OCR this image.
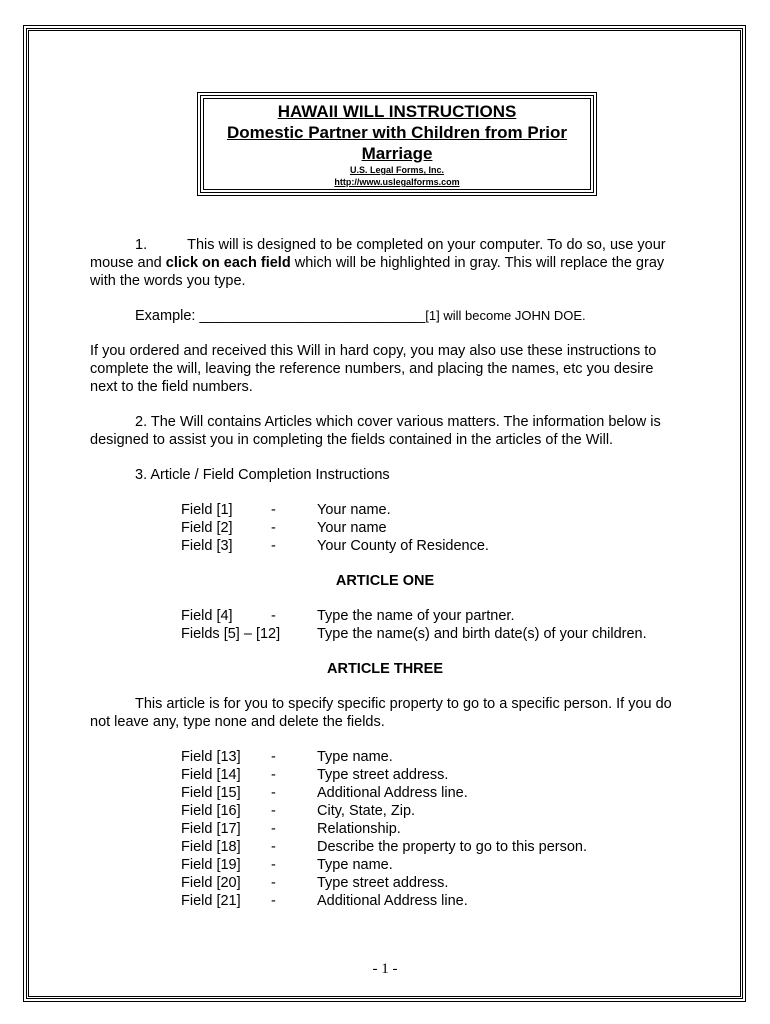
HAWAII WILL INSTRUCTIONS
Domestic Partner with Children from Prior
Marriage
U.S. Legal Forms, Inc.
http://www.uslegalforms.com

1.	This will is designed to be completed on your computer. To do so, use your mouse and click on each field which will be highlighted in gray. This will replace the gray with the words you type.

Example: ____________________________[1] will become JOHN DOE.

If you ordered and received this Will in hard copy, you may also use these instructions to complete the will, leaving the reference numbers, and placing the names, etc you desire next to the field numbers.

2. The Will contains Articles which cover various matters. The information below is designed to assist you in completing the fields contained in the articles of the Will.

3. Article / Field Completion Instructions

Field [1]	-	Your name.
Field [2]	-	Your name
Field [3]	-	Your County of Residence.

ARTICLE ONE

Field [4]	-	Type the name of your partner.
Fields [5] – [12]	Type the name(s) and birth date(s) of your children.

ARTICLE THREE

This article is for you to specify specific property to go to a specific person. If you do not leave any, type none and delete the fields.

Field [13]	-	Type name.
Field [14]	-	Type street address.
Field [15]	-	Additional Address line.
Field [16]	-	City, State, Zip.
Field [17]	-	Relationship.
Field [18]	-	Describe the property to go to this person.
Field [19]	-	Type name.
Field [20]	-	Type street address.
Field [21]	-	Additional Address line.
- 1 -
